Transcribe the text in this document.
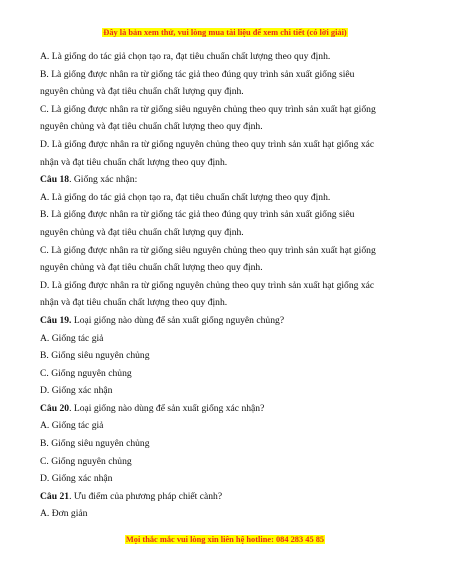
Đây là bản xem thử, vui lòng mua tài liệu để xem chi tiết (có lời giải)
A. Là giống do tác giả chọn tạo ra, đạt tiêu chuẩn chất lượng theo quy định.
B. Là giống được nhân ra từ giống tác giả theo đúng quy trình sản xuất giống siêu
nguyên chủng và đạt tiêu chuẩn chất lượng quy định.
C. Là giống được nhân ra từ giống siêu nguyên chủng theo quy trình sản xuất hạt giống
nguyên chủng và đạt tiêu chuẩn chất lượng theo quy định.
D. Là giống được nhân ra từ giống nguyên chủng theo quy trình sản xuất hạt giống xác
nhận và đạt tiêu chuẩn chất lượng theo quy định.
Câu 18. Giống xác nhận:
A. Là giống do tác giả chọn tạo ra, đạt tiêu chuẩn chất lượng theo quy định.
B. Là giống được nhân ra từ giống tác giả theo đúng quy trình sản xuất giống siêu
nguyên chủng và đạt tiêu chuẩn chất lượng quy định.
C. Là giống được nhân ra từ giống siêu nguyên chủng theo quy trình sản xuất hạt giống
nguyên chủng và đạt tiêu chuẩn chất lượng theo quy định.
D. Là giống được nhân ra từ giống nguyên chủng theo quy trình sản xuất hạt giống xác
nhận và đạt tiêu chuẩn chất lượng theo quy định.
Câu 19. Loại giống nào dùng để sản xuất giống nguyên chủng?
A. Giống tác giả
B. Giống siêu nguyên chủng
C. Giống nguyên chủng
D. Giống xác nhận
Câu 20. Loại giống nào dùng để sản xuất giống xác nhận?
A. Giống tác giả
B. Giống siêu nguyên chủng
C. Giống nguyên chủng
D. Giống xác nhận
Câu 21. Ưu điểm của phương pháp chiết cành?
A. Đơn giản
Mọi thắc mắc vui lòng xin liên hệ hotline: 084 283 45 85
